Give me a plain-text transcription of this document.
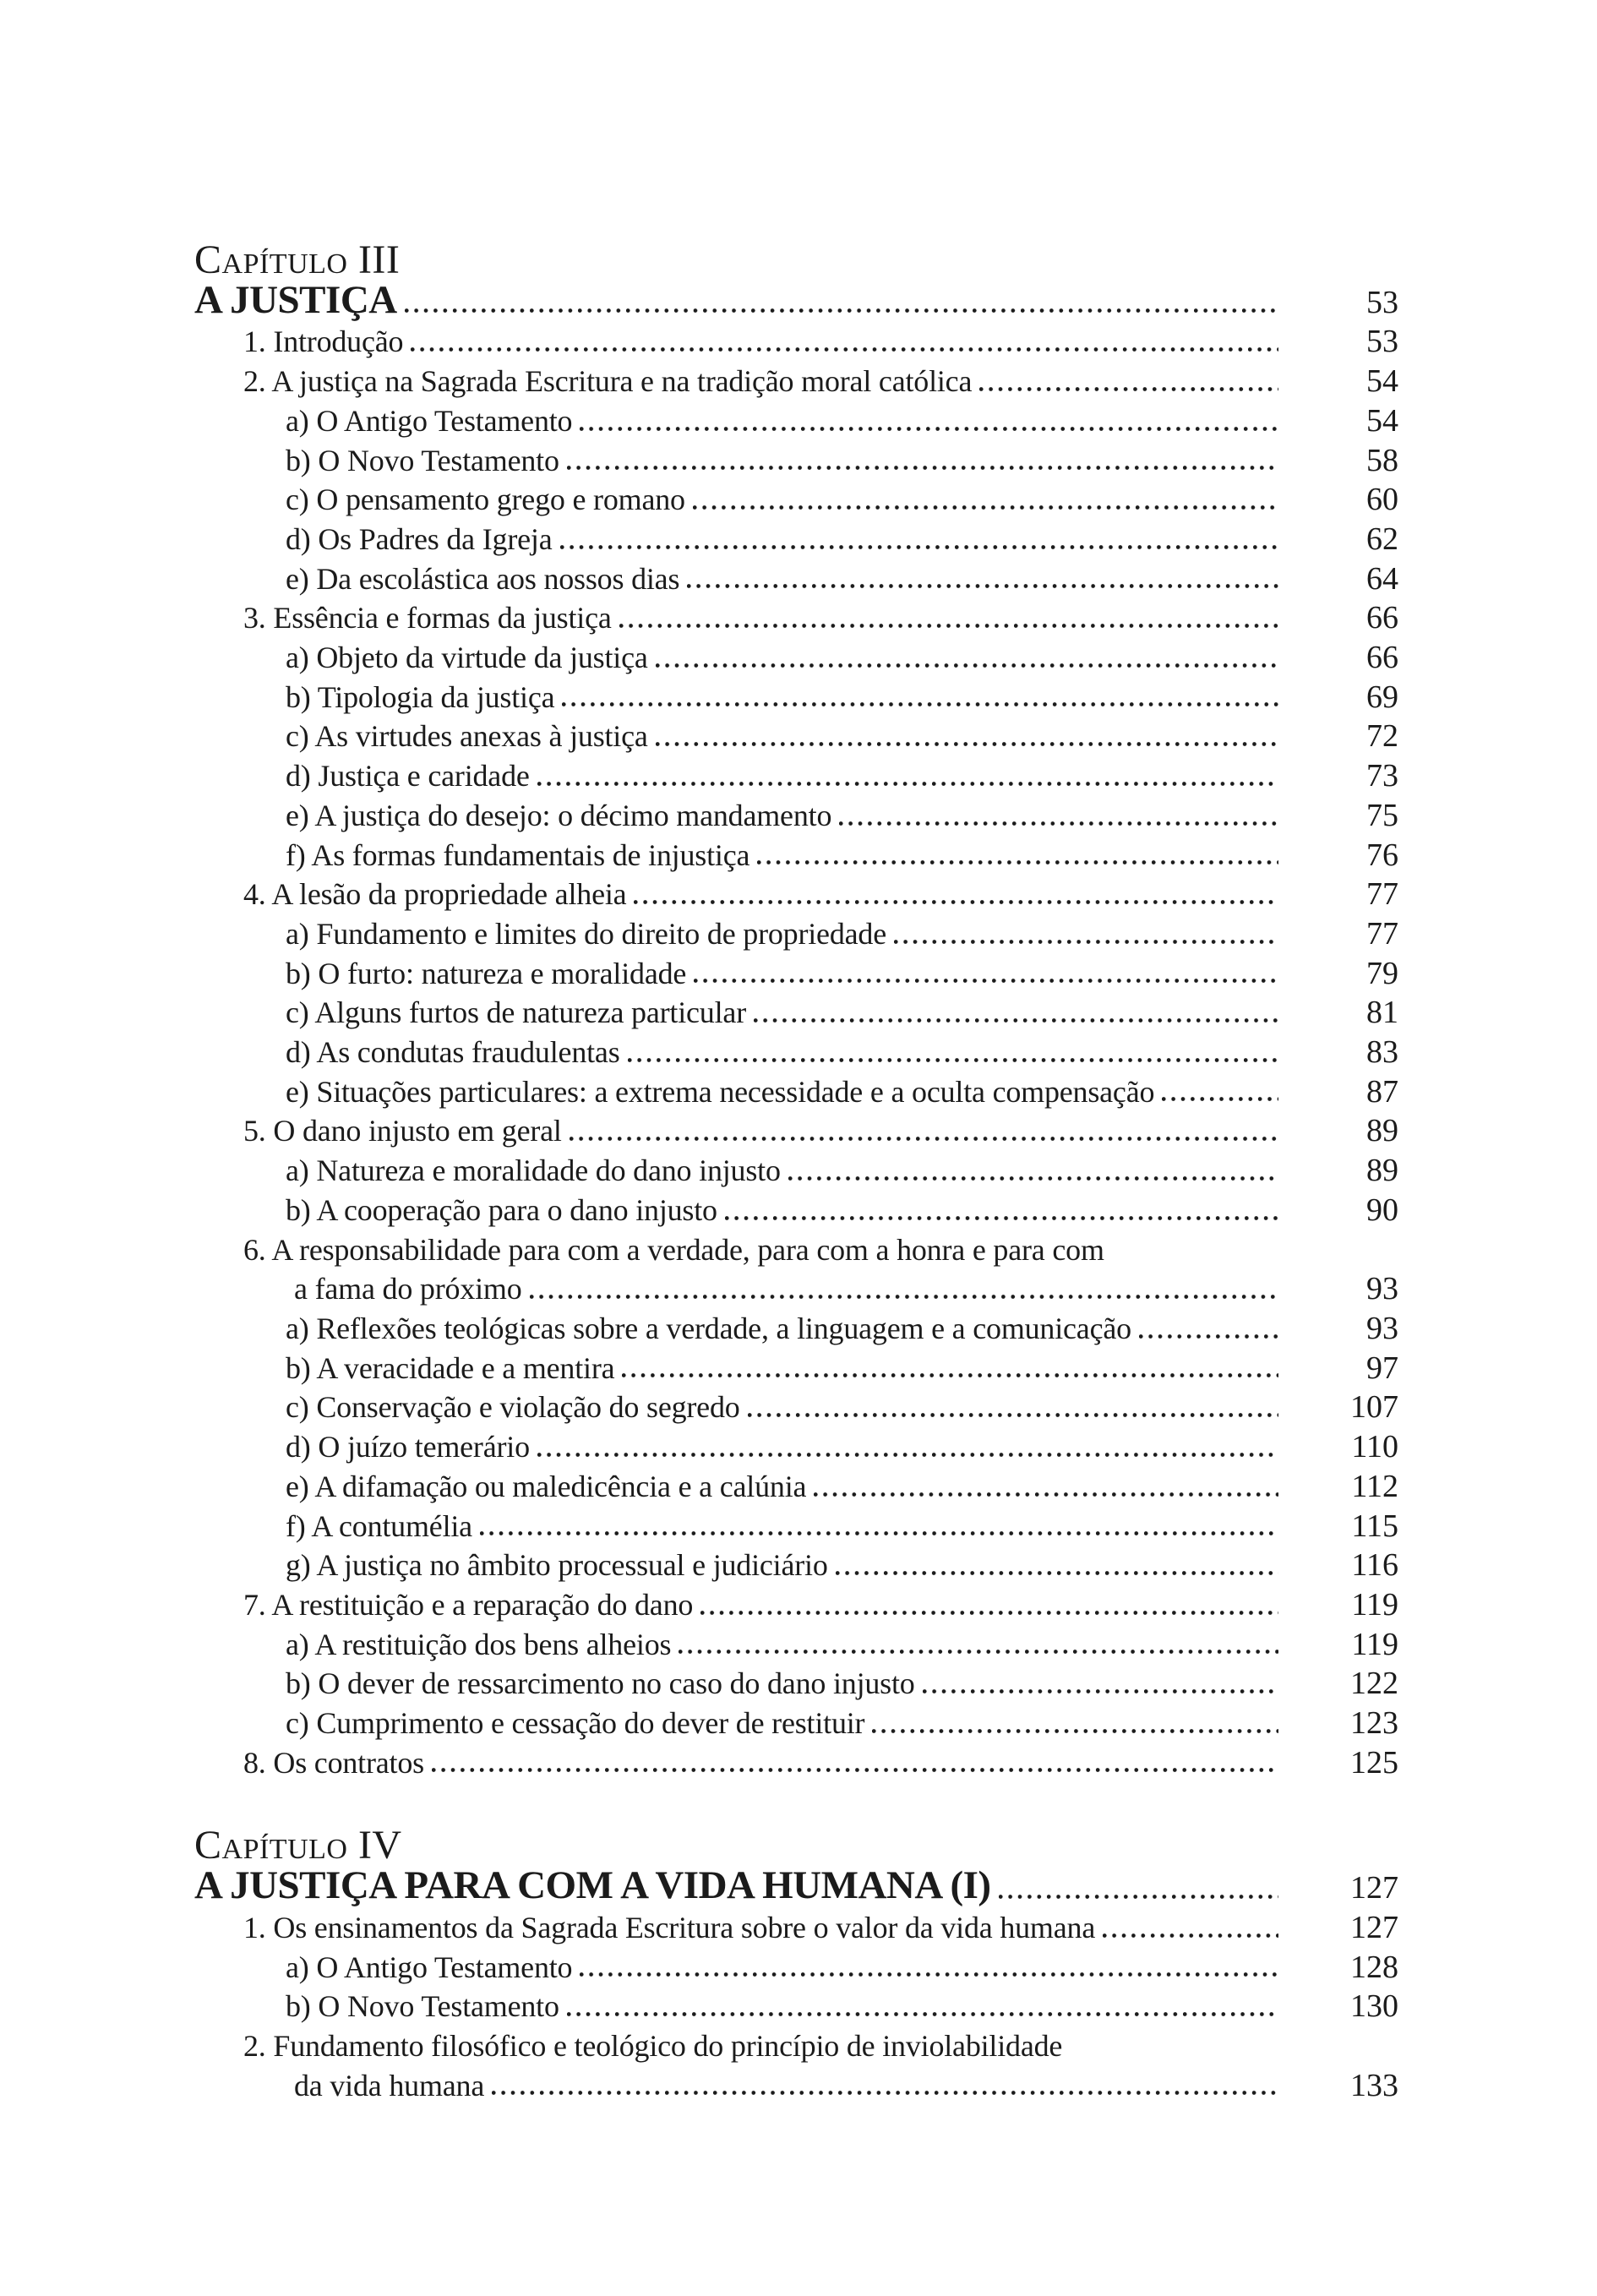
Capítulo III
A JUSTIÇA	53
1. Introdução	53
2. A justiça na Sagrada Escritura e na tradição moral católica	54
a) O Antigo Testamento	54
b) O Novo Testamento	58
c) O pensamento grego e romano	60
d) Os Padres da Igreja	62
e) Da escolástica aos nossos dias	64
3. Essência e formas da justiça	66
a) Objeto da virtude da justiça	66
b) Tipologia da justiça	69
c) As virtudes anexas à justiça	72
d) Justiça e caridade	73
e) A justiça do desejo: o décimo mandamento	75
f) As formas fundamentais de injustiça	76
4. A lesão da propriedade alheia	77
a) Fundamento e limites do direito de propriedade	77
b) O furto: natureza e moralidade	79
c) Alguns furtos de natureza particular	81
d) As condutas fraudulentas	83
e) Situações particulares: a extrema necessidade e a oculta compensação	87
5. O dano injusto em geral	89
a) Natureza e moralidade do dano injusto	89
b) A cooperação para o dano injusto	90
6. A responsabilidade para com a verdade, para com a honra e para com
a fama do próximo	93
a) Reflexões teológicas sobre a verdade, a linguagem e a comunicação	93
b) A veracidade e a mentira	97
c) Conservação e violação do segredo	107
d) O juízo temerário	110
e) A difamação ou maledicência e a calúnia	112
f) A contumélia	115
g) A justiça no âmbito processual e judiciário	116
7. A restituição e a reparação do dano	119
a) A restituição dos bens alheios	119
b) O dever de ressarcimento no caso do dano injusto	122
c) Cumprimento e cessação do dever de restituir	123
8. Os contratos	125
Capítulo IV
A JUSTIÇA PARA COM A VIDA HUMANA (I)	127
1. Os ensinamentos da Sagrada Escritura sobre o valor da vida humana	127
a) O Antigo Testamento	128
b) O Novo Testamento	130
2. Fundamento filosófico e teológico do princípio de inviolabilidade
da vida humana	133
